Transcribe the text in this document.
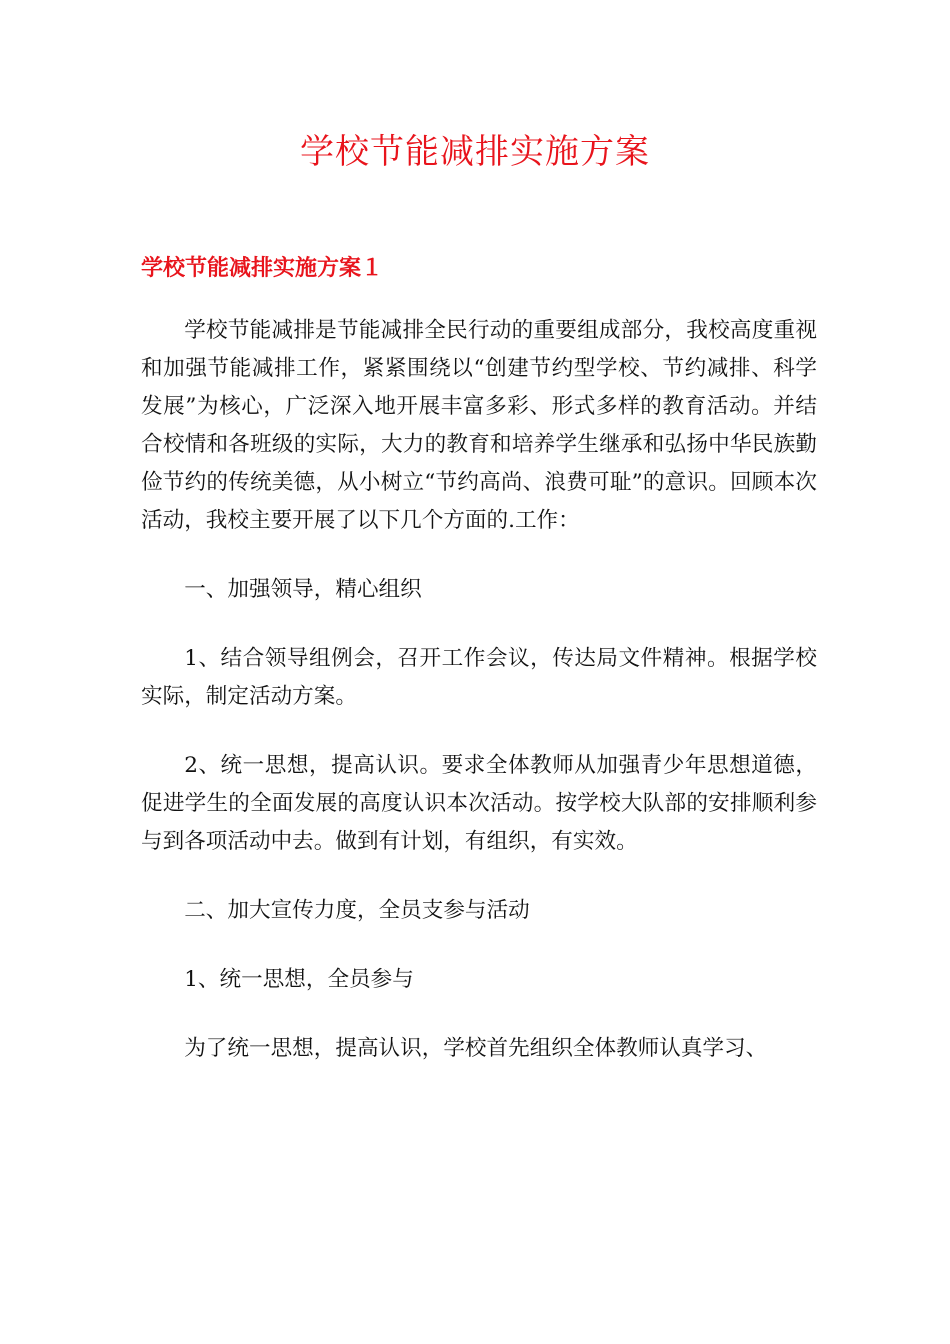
学校节能减排实施方案
学校节能减排实施方案１

学校节能减排是节能减排全民行动的重要组成部分，我校高度重视和加强节能减排工作，紧紧围绕以“创建节约型学校、节约减排、科学发展”为核心，广泛深入地开展丰富多彩、形式多样的教育活动。并结合校情和各班级的实际，大力的教育和培养学生继承和弘扬中华民族勤俭节约的传统美德，从小树立“节约高尚、浪费可耻”的意识。回顾本次活动，我校主要开展了以下几个方面的.工作：

一、加强领导，精心组织

1、结合领导组例会，召开工作会议，传达局文件精神。根据学校实际，制定活动方案。

2、统一思想，提高认识。要求全体教师从加强青少年思想道德，促进学生的全面发展的高度认识本次活动。按学校大队部的安排顺利参与到各项活动中去。做到有计划，有组织，有实效。

二、加大宣传力度，全员支参与活动

1、统一思想，全员参与

为了统一思想，提高认识，学校首先组织全体教师认真学习、
